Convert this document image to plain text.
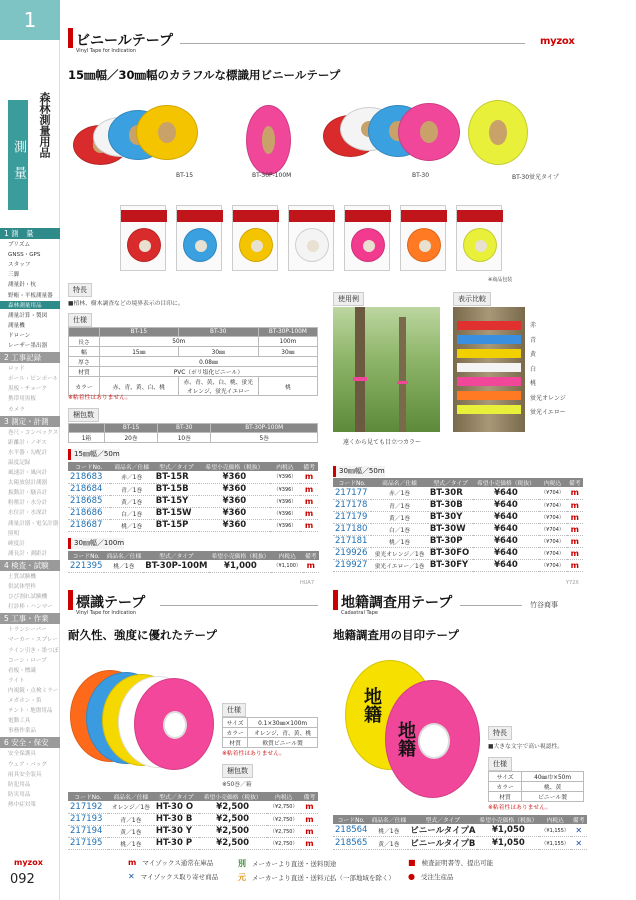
1
測　量
森林測量用品
1 測　量
プリズム
GNSS・GPS
スタッフ
三脚
測量針・杭
野帳・平板測量器
森林測量用品
測量計算・製図
測量機
ドローン
レーザー墨出器
2 工事記録
ロッド
ポール・ピンポール
黒板・チョーク
携帯用黒板
カメラ
3 測定・計測
巻尺・コンベックス
距離計・ノギス
水平器・勾配計
温度記録
風速計・風向計
太陽放射計測器
振動計・騒音計
粉塵計・水分計
水位計・水深計
測量計器・電気計器
照明
硬度計
測長計・測距計
4 検査・試験
土質試験機
供試体型枠
ひび割れ試験機
打診棒・ハンマー
5 工事・作業
トランシーバー
マーカー・スプレー
ライン引き・墨つぼ
コーン・ロープ
看板・標識
ライト
内視鏡・点検ミラー
メガホン・笛
テント・地盤用品
電動工具
事務作業品
6 安全・保安
安全保護具
ウェア・バッグ
雨具安全装具
防犯用品
防災用品
熱中症対策
myzox
092
ビニールテープ
Vinyl Tape for Indication
myzox
15㎜幅／30㎜幅のカラフルな標識用ビニールテープ
BT-15	BT-30P-100M	BT-30	BT-30蛍光タイプ
※商品包装
特長
■植林、樹木調査などの境界表示の目印に。
仕様
	BT-15	BT-30	BT-30P-100M
長さ	50m		100m
幅	15㎜	30㎜	30㎜
厚さ	0.08㎜		
材質	PVC（ポリ塩化ビニール）		
カラー	赤、青、黄、白、桃	赤、青、黄、白、桃、蛍光オレンジ、蛍光イエロー	桃
※粘着性はありません。
梱包数
	BT-15	BT-30	BT-30P-100M
1箱	20巻	10巻	5巻
使用例
遠くから見ても目立つカラー
表示比較
赤
青
黄
白
桃
蛍光オレンジ
蛍光イエロー
15㎜幅／50m
コードNo.	商品名／仕様	型式／タイプ	希望小売価格（税抜）	内税込	備考
218683	赤／1巻	BT-15R	¥360	（¥396）	m
218684	青／1巻	BT-15B	¥360	（¥396）	m
218685	黄／1巻	BT-15Y	¥360	（¥396）	m
218686	白／1巻	BT-15W	¥360	（¥396）	m
218687	桃／1巻	BT-15P	¥360	（¥396）	m
30㎜幅／100m
コードNo.	商品名／仕様	型式／タイプ	希望小売価格（税抜）	内税込	備考
221395	桃／1巻	BT-30P-100M	¥1,000	（¥1,100）	m
HUA7
30㎜幅／50m
コードNo.	商品名／仕様	型式／タイプ	希望小売価格（税抜）	内税込	備考
217177	赤／1巻	BT-30R	¥640	（¥704）	m
217178	青／1巻	BT-30B	¥640	（¥704）	m
217179	黄／1巻	BT-30Y	¥640	（¥704）	m
217180	白／1巻	BT-30W	¥640	（¥704）	m
217181	桃／1巻	BT-30P	¥640	（¥704）	m
219926	蛍光オレンジ／1巻	BT-30FO	¥640	（¥704）	m
219927	蛍光イエロー／1巻	BT-30FY	¥640	（¥704）	m
Y72X
標識テープ
Vinyl Tape for Indication
耐久性、強度に優れたテープ
仕様
サイズ	0.1×30㎜×100m
カラー	オレンジ、青、黄、桃
材質	軟質ビニール製
※粘着性はありません。
梱包数
※50巻／箱
コードNo.	商品名／仕様	型式／タイプ	希望小売価格（税抜）	内税込	備考
217192	オレンジ／1巻	HT-30 O	¥2,500	（¥2,750）	m
217193	青／1巻	HT-30 B	¥2,500	（¥2,750）	m
217194	黄／1巻	HT-30 Y	¥2,500	（¥2,750）	m
217195	桃／1巻	HT-30 P	¥2,500	（¥2,750）	m
地籍調査用テープ
Cadastral Tape
竹谷商事
地籍調査用の目印テープ
地籍
地籍	特長
■大きな文字で高い視認性。
仕様
サイズ	40㎜巾×50m
カラー	桃、黄
材質	ビニール製
※粘着性はありません。
コードNo.	商品名／仕様	型式／タイプ	希望小売価格（税抜）	内税込	備考
218564	桃／1巻	ビニールタイプA	¥1,050	（¥1,155）	✕
218565	黄／1巻	ビニールタイプB	¥1,050	（¥1,155）	✕
m マイゾックス通常在庫品
✕ マイゾックス取り寄せ商品
別 メーカーより直送・送料別途
元 メーカーより直送・送料元払（一部地域を除く）
■ 検査証明書等、提出可能
● 受注生産品
